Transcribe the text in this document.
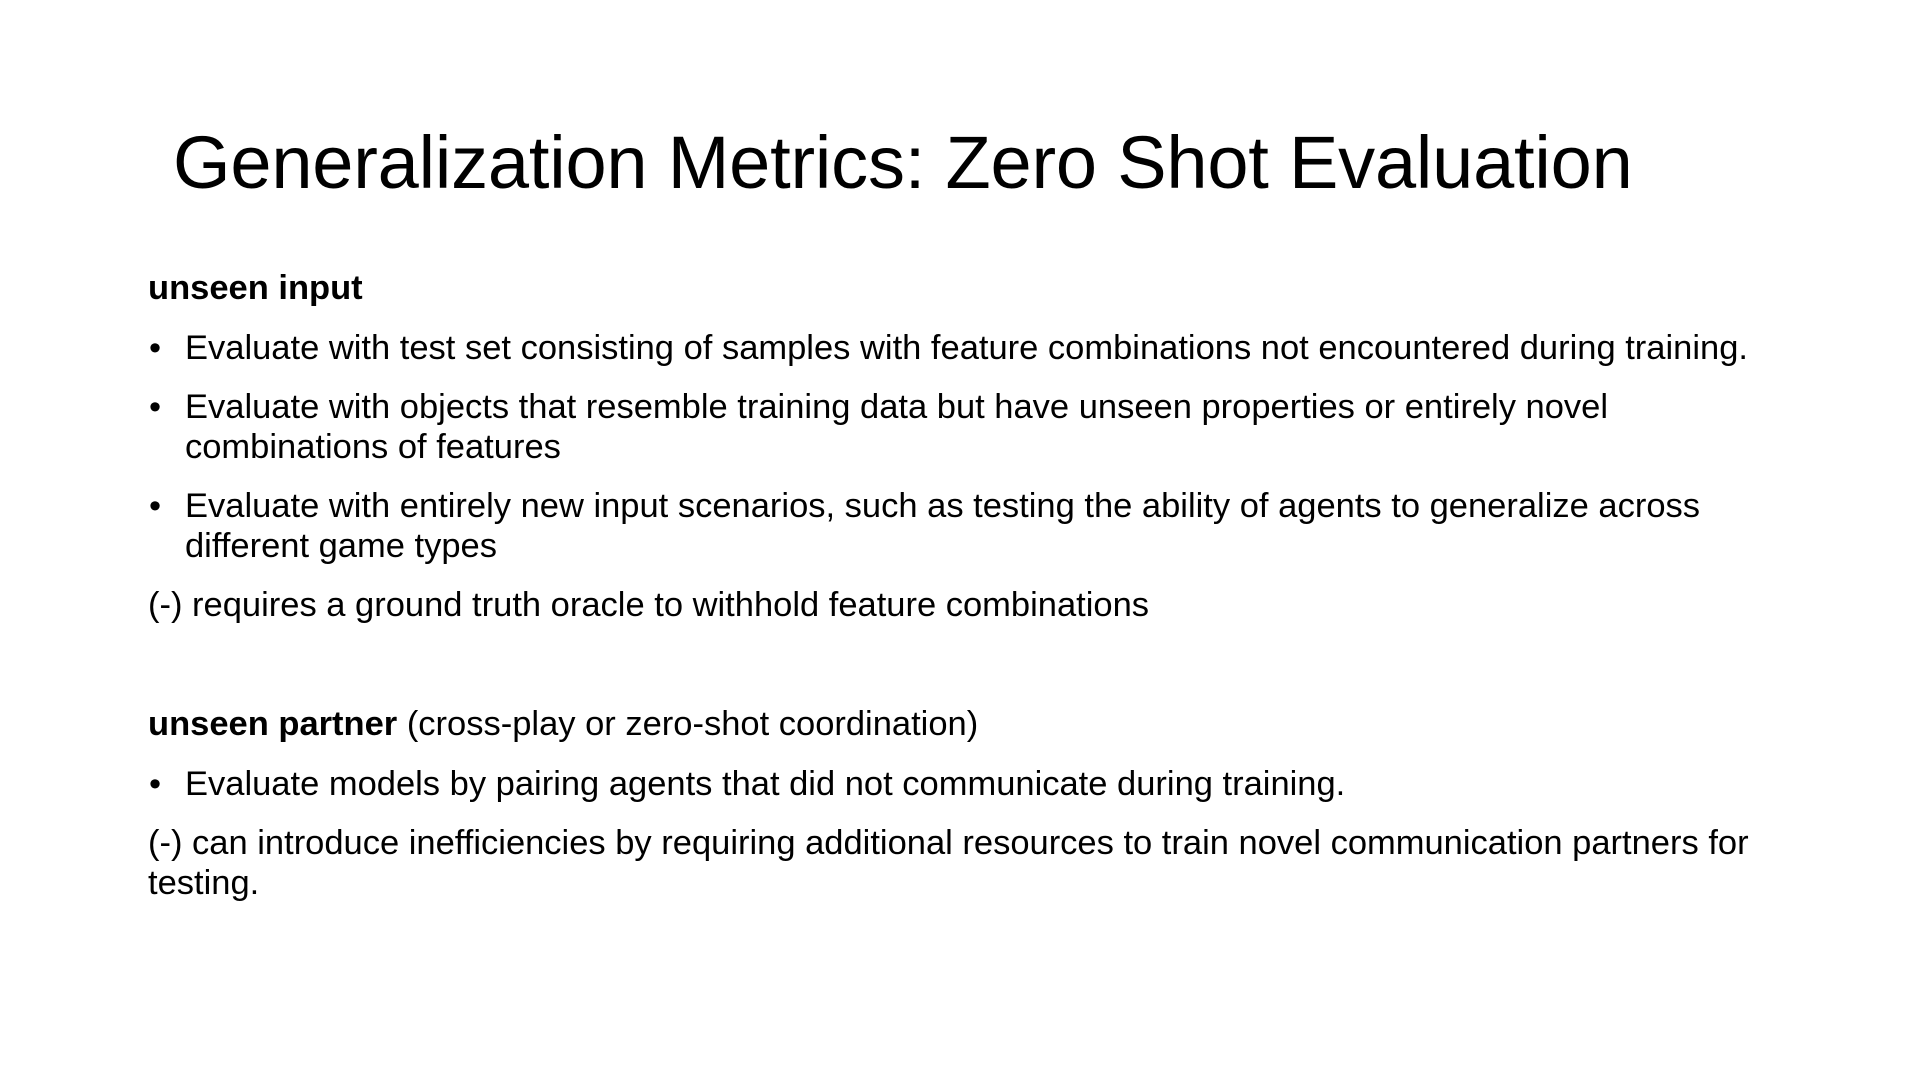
Generalization Metrics: Zero Shot Evaluation
unseen input
• Evaluate with test set consisting of samples with feature combinations not encountered during training.
• Evaluate with objects that resemble training data but have unseen properties or entirely novel combinations of features
• Evaluate with entirely new input scenarios, such as testing the ability of agents to generalize across different game types
(-) requires a ground truth oracle to withhold feature combinations
unseen partner (cross-play or zero-shot coordination)
• Evaluate models by pairing agents that did not communicate during training.
(-) can introduce inefficiencies by requiring additional resources to train novel communication partners for testing.
